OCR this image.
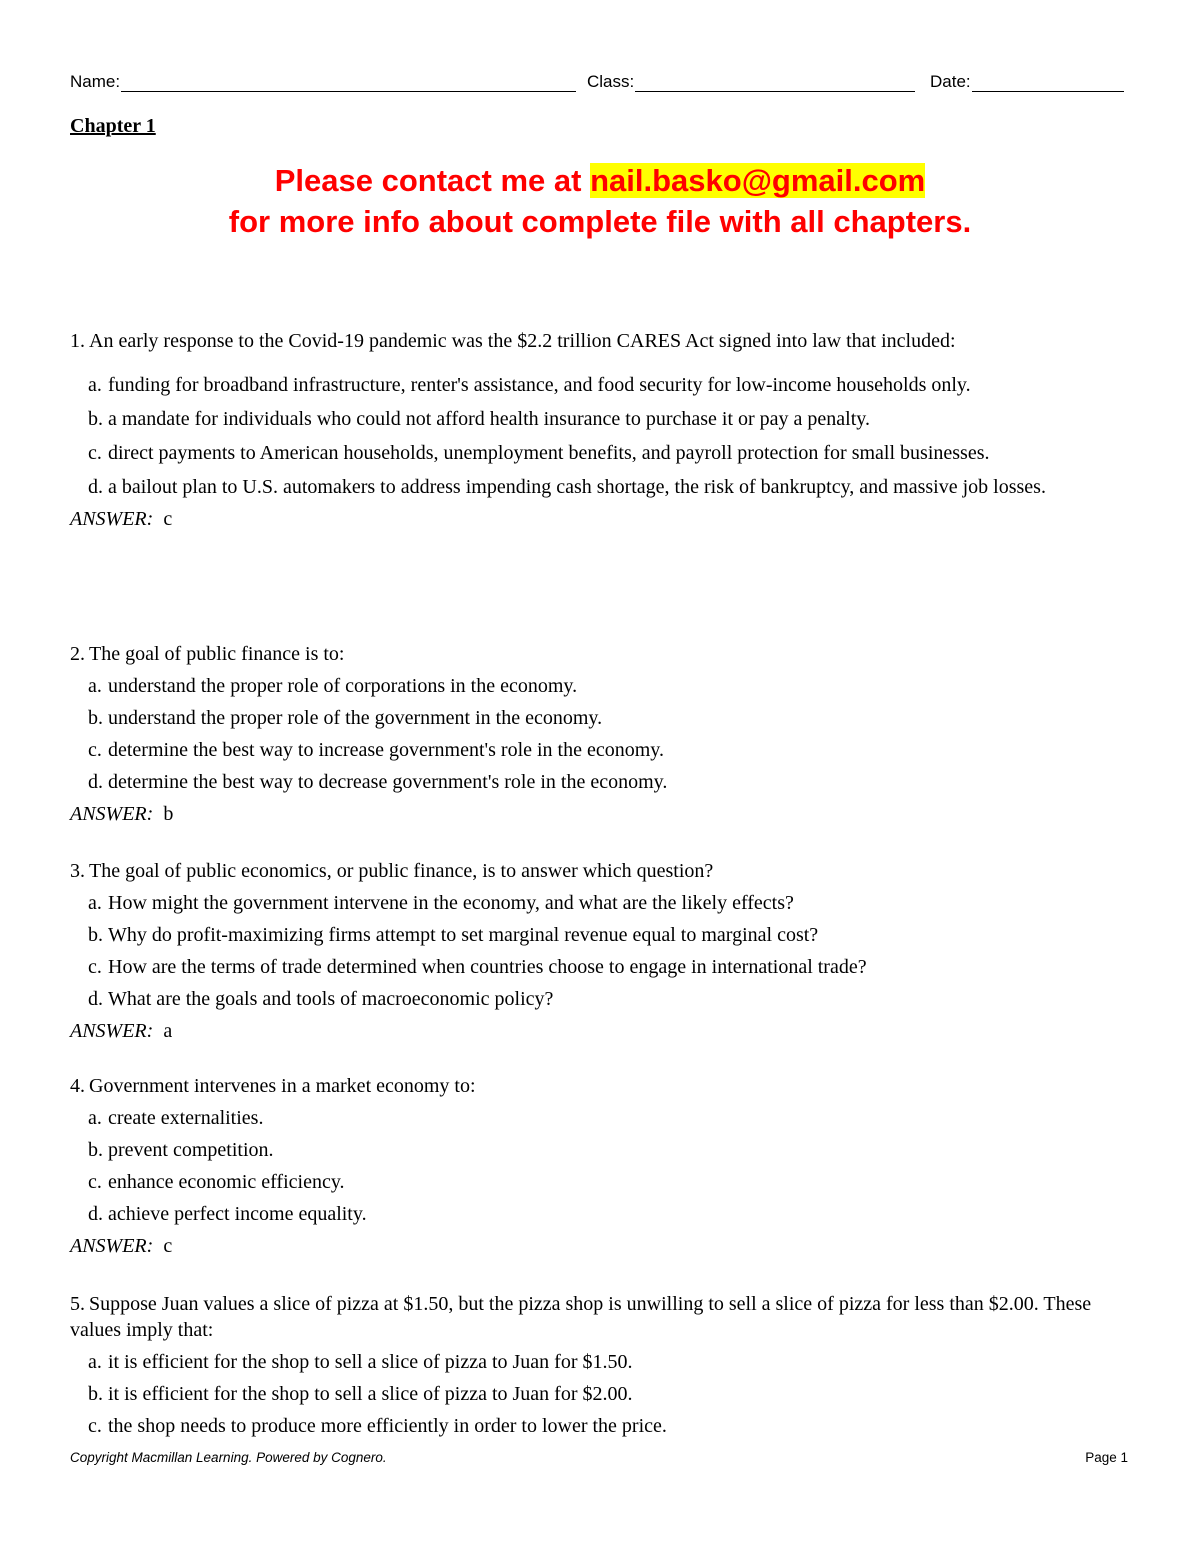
Name:	Class:	Date:
Chapter 1
Please contact me at nail.basko@gmail.com
for more info about complete file with all chapters.
1. An early response to the Covid-19 pandemic was the $2.2 trillion CARES Act signed into law that included:
a. funding for broadband infrastructure, renter's assistance, and food security for low-income households only.
b. a mandate for individuals who could not afford health insurance to purchase it or pay a penalty.
c. direct payments to American households, unemployment benefits, and payroll protection for small businesses.
d. a bailout plan to U.S. automakers to address impending cash shortage, the risk of bankruptcy, and massive job losses.
ANSWER: c
2. The goal of public finance is to:
a. understand the proper role of corporations in the economy.
b. understand the proper role of the government in the economy.
c. determine the best way to increase government's role in the economy.
d. determine the best way to decrease government's role in the economy.
ANSWER: b
3. The goal of public economics, or public finance, is to answer which question?
a. How might the government intervene in the economy, and what are the likely effects?
b. Why do profit-maximizing firms attempt to set marginal revenue equal to marginal cost?
c. How are the terms of trade determined when countries choose to engage in international trade?
d. What are the goals and tools of macroeconomic policy?
ANSWER: a
4. Government intervenes in a market economy to:
a. create externalities.
b. prevent competition.
c. enhance economic efficiency.
d. achieve perfect income equality.
ANSWER: c
5. Suppose Juan values a slice of pizza at $1.50, but the pizza shop is unwilling to sell a slice of pizza for less than $2.00. These values imply that:
a. it is efficient for the shop to sell a slice of pizza to Juan for $1.50.
b. it is efficient for the shop to sell a slice of pizza to Juan for $2.00.
c. the shop needs to produce more efficiently in order to lower the price.
Copyright Macmillan Learning. Powered by Cognero.	Page 1
